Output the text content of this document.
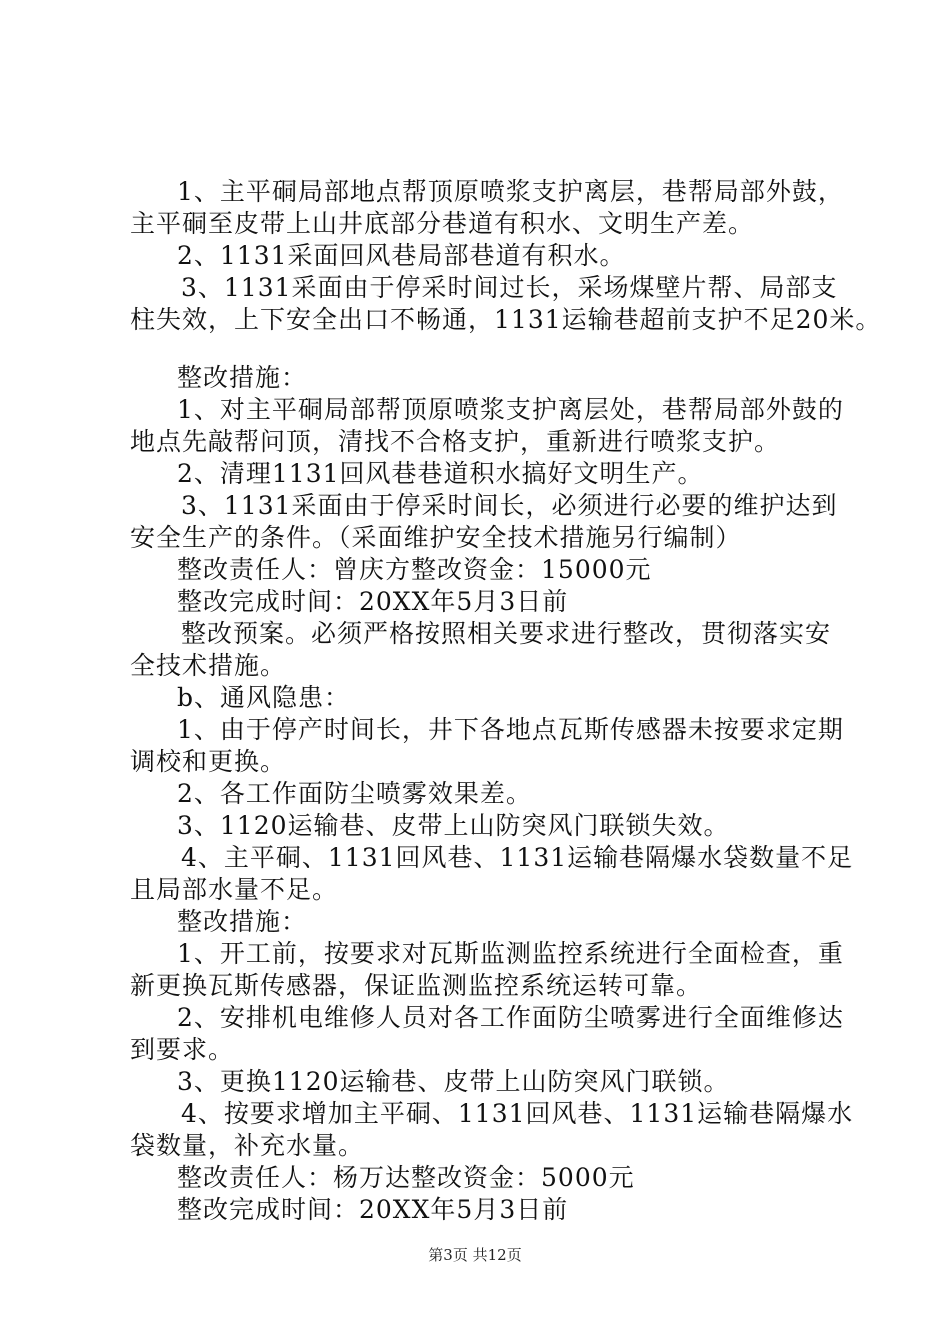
1、主平硐局部地点帮顶原喷浆支护离层，巷帮局部外鼓，
主平硐至皮带上山井底部分巷道有积水、文明生产差。
2、1131采面回风巷局部巷道有积水。
3、1131采面由于停采时间过长，采场煤壁片帮、局部支
柱失效，上下安全出口不畅通，1131运输巷超前支护不足20米。
整改措施：
1、对主平硐局部帮顶原喷浆支护离层处，巷帮局部外鼓的
地点先敲帮问顶，清找不合格支护，重新进行喷浆支护。
2、清理1131回风巷巷道积水搞好文明生产。
3、1131采面由于停采时间长，必须进行必要的维护达到
安全生产的条件。（采面维护安全技术措施另行编制）
整改责任人：曾庆方整改资金：15000元
整改完成时间：20XX年5月3日前
整改预案。必须严格按照相关要求进行整改，贯彻落实安
全技术措施。
b、通风隐患：
1、由于停产时间长，井下各地点瓦斯传感器未按要求定期
调校和更换。
2、各工作面防尘喷雾效果差。
3、1120运输巷、皮带上山防突风门联锁失效。
4、主平硐、1131回风巷、1131运输巷隔爆水袋数量不足
且局部水量不足。
整改措施：
1、开工前，按要求对瓦斯监测监控系统进行全面检查，重
新更换瓦斯传感器，保证监测监控系统运转可靠。
2、安排机电维修人员对各工作面防尘喷雾进行全面维修达
到要求。
3、更换1120运输巷、皮带上山防突风门联锁。
4、按要求增加主平硐、1131回风巷、1131运输巷隔爆水
袋数量，补充水量。
整改责任人：杨万达整改资金：5000元
整改完成时间：20XX年5月3日前
第3页 共12页
